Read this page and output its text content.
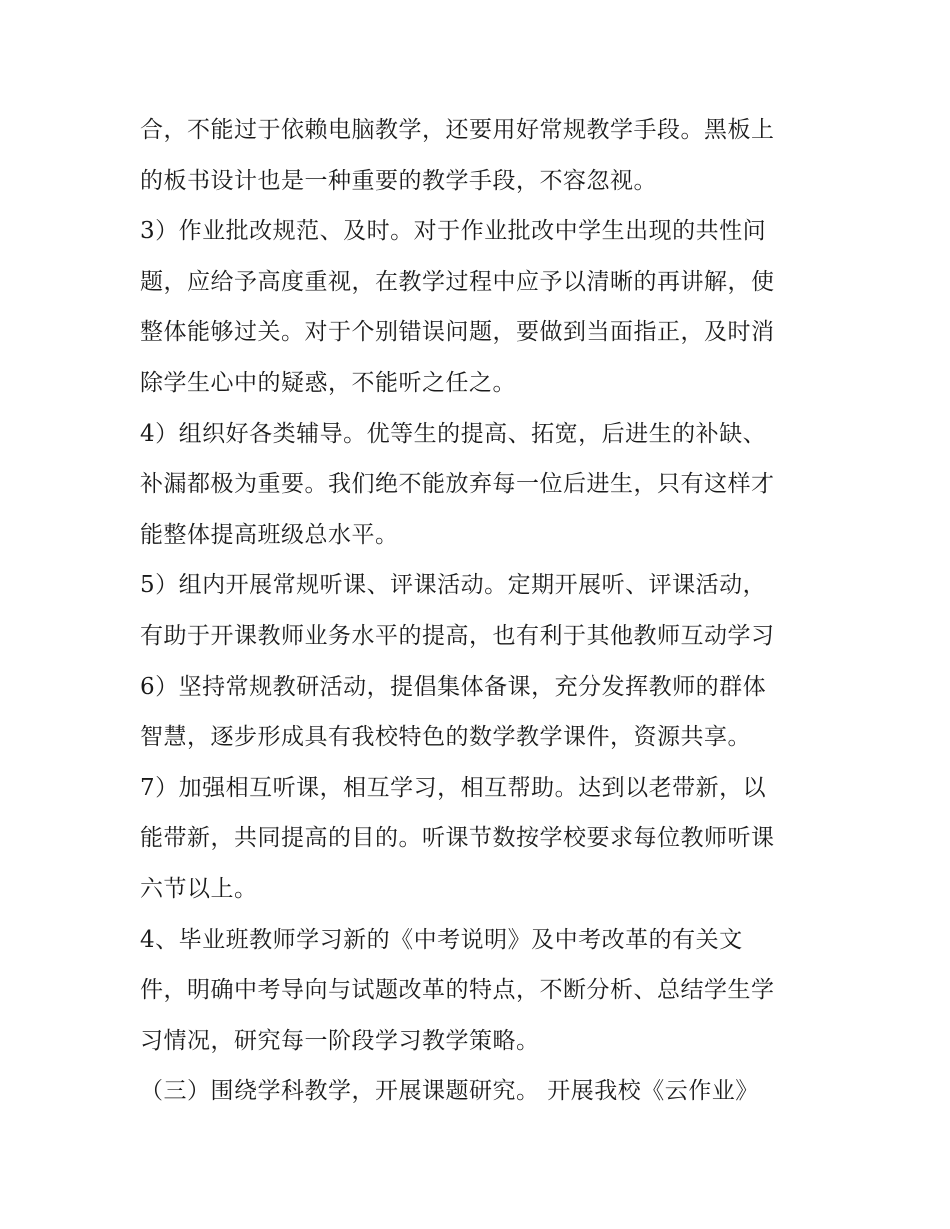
合，不能过于依赖电脑教学，还要用好常规教学手段。黑板上
的板书设计也是一种重要的教学手段，不容忽视。
3）作业批改规范、及时。对于作业批改中学生出现的共性问
题，应给予高度重视，在教学过程中应予以清晰的再讲解，使
整体能够过关。对于个别错误问题，要做到当面指正，及时消
除学生心中的疑惑，不能听之任之。
4）组织好各类辅导。优等生的提高、拓宽，后进生的补缺、
补漏都极为重要。我们绝不能放弃每一位后进生，只有这样才
能整体提高班级总水平。
5）组内开展常规听课、评课活动。定期开展听、评课活动，
有助于开课教师业务水平的提高，也有利于其他教师互动学习
6）坚持常规教研活动，提倡集体备课，充分发挥教师的群体
智慧，逐步形成具有我校特色的数学教学课件，资源共享。
7）加强相互听课，相互学习，相互帮助。达到以老带新，以
能带新，共同提高的目的。听课节数按学校要求每位教师听课
六节以上。
4、毕业班教师学习新的《中考说明》及中考改革的有关文
件，明确中考导向与试题改革的特点，不断分析、总结学生学
习情况，研究每一阶段学习教学策略。
（三）围绕学科教学，开展课题研究。 开展我校《云作业》
